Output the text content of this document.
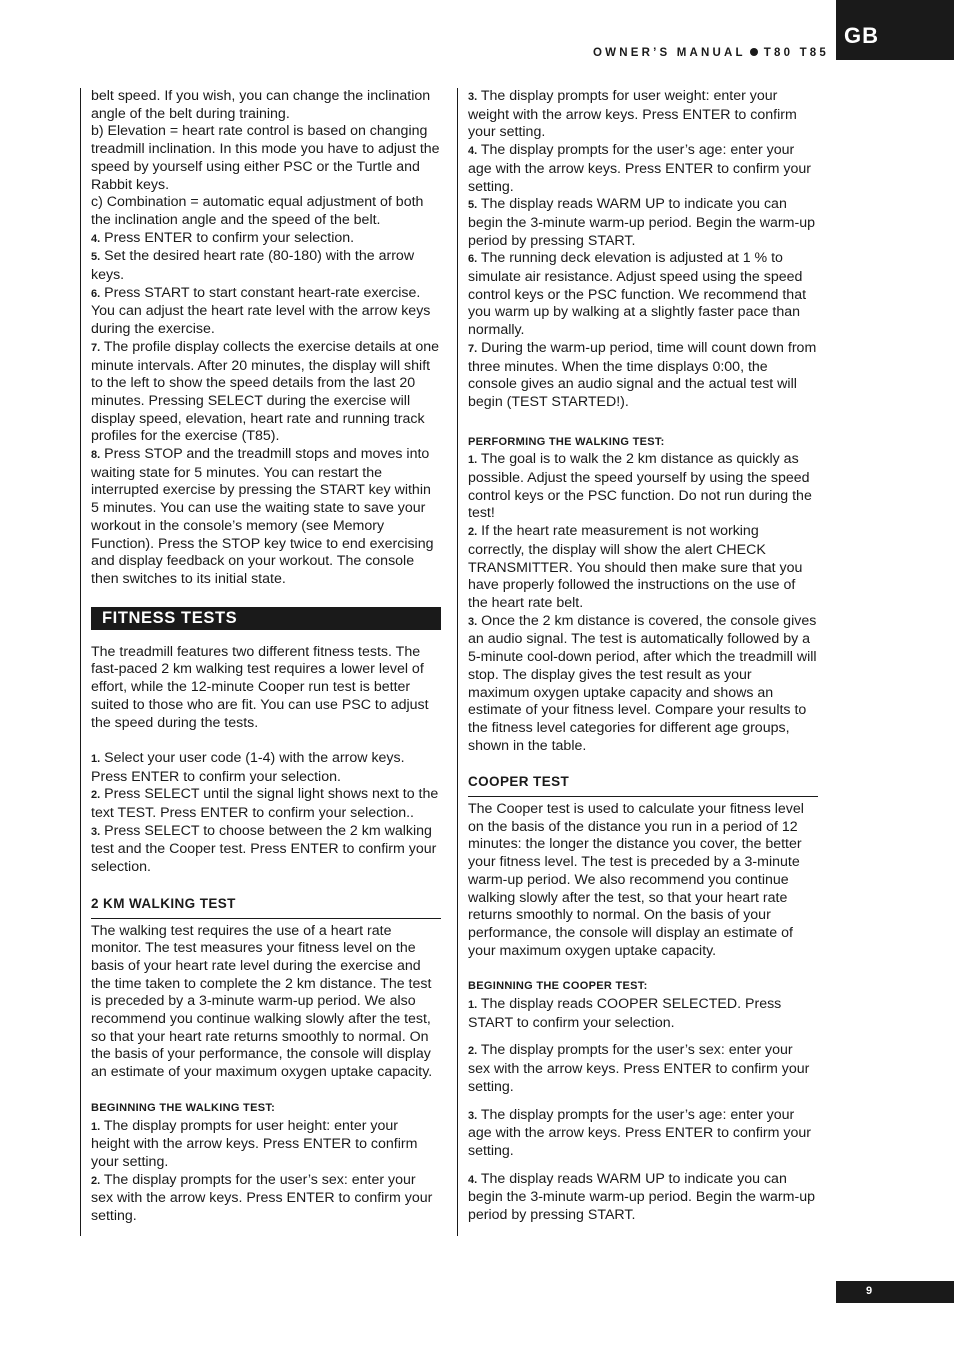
GB
OWNER’S MANUAL T80 T85

belt speed. If you wish, you can change the inclination angle of the belt during training.

b) Elevation = heart rate control is based on changing treadmill inclination. In this mode you have to adjust the speed by yourself using either PSC or the Turtle and Rabbit keys.

c) Combination = automatic equal adjustment of both the inclination angle and the speed of the belt.

4. Press ENTER to confirm your selection.

5. Set the desired heart rate (80-180) with the arrow keys.

6. Press START to start constant heart-rate exercise. You can adjust the heart rate level with the arrow keys during the exercise.

7. The profile display collects the exercise details at one minute intervals. After 20 minutes, the display will shift to the left to show the speed details from the last 20 minutes. Pressing SELECT during the exercise will display speed, elevation, heart rate and running track profiles for the exercise (T85).

8. Press STOP and the treadmill stops and moves into waiting state for 5 minutes. You can restart the interrupted exercise by pressing the START key within 5 minutes. You can use the waiting state to save your workout in the console’s memory (see Memory Function). Press the STOP key twice to end exercising and display feedback on your workout. The console then switches to its initial state.

FITNESS TESTS

The treadmill features two different fitness tests. The fast-paced 2 km walking test requires a lower level of effort, while the 12-minute Cooper run test is better suited to those who are fit. You can use PSC to adjust the speed during the tests.

1. Select your user code (1-4) with the arrow keys. Press ENTER to confirm your selection.

2. Press SELECT until the signal light shows next to the text TEST. Press ENTER to confirm your selection..

3. Press SELECT to choose between the 2 km walking test and the Cooper test. Press ENTER to confirm your selection.

2 KM WALKING TEST

The walking test requires the use of a heart rate monitor. The test measures your fitness level on the basis of your heart rate level during the exercise and the time taken to complete the 2 km distance. The test is preceded by a 3-minute warm-up period. We also recommend you continue walking slowly after the test, so that your heart rate returns smoothly to normal. On the basis of your performance, the console will display an estimate of your maximum oxygen uptake capacity.

BEGINNING THE WALKING TEST:

1. The display prompts for user height: enter your height with the arrow keys. Press ENTER to confirm your setting.

2. The display prompts for the user’s sex: enter your sex with the arrow keys. Press ENTER to confirm your setting.

3. The display prompts for user weight: enter your weight with the arrow keys. Press ENTER to confirm your setting.

4. The display prompts for the user’s age: enter your age with the arrow keys. Press ENTER to confirm your setting.

5. The display reads WARM UP to indicate you can begin the 3-minute warm-up period. Begin the warm-up period by pressing START.

6. The running deck elevation is adjusted at 1 % to simulate air resistance. Adjust speed using the speed control keys or the PSC function. We recommend that you warm up by walking at a slightly faster pace than normally.

7. During the warm-up period, time will count down from three minutes. When the time displays 0:00, the console gives an audio signal and the actual test will begin (TEST STARTED!).

PERFORMING THE WALKING TEST:

1. The goal is to walk the 2 km distance as quickly as possible. Adjust the speed yourself by using the speed control keys or the PSC function. Do not run during the test!

2. If the heart rate measurement is not working correctly, the display will show the alert CHECK TRANSMITTER. You should then make sure that you have properly followed the instructions on the use of the heart rate belt.

3. Once the 2 km distance is covered, the console gives an audio signal. The test is automatically followed by a 5-minute cool-down period, after which the treadmill will stop. The display gives the test result as your maximum oxygen uptake capacity and shows an estimate of your fitness level. Compare your results to the fitness level categories for different age groups, shown in the table.

COOPER TEST

The Cooper test is used to calculate your fitness level on the basis of the distance you run in a period of 12 minutes: the longer the distance you cover, the better your fitness level. The test is preceded by a 3-minute warm-up period. We also recommend you continue walking slowly after the test, so that your heart rate returns smoothly to normal. On the basis of your performance, the console will display an estimate of your maximum oxygen uptake capacity.

BEGINNING THE COOPER TEST:

1. The display reads COOPER SELECTED. Press START to confirm your selection.

2. The display prompts for the user’s sex: enter your sex with the arrow keys. Press ENTER to confirm your setting.

3. The display prompts for the user’s age: enter your age with the arrow keys. Press ENTER to confirm your setting.

4. The display reads WARM UP to indicate you can begin the 3-minute warm-up period. Begin the warm-up period by pressing START.

9
